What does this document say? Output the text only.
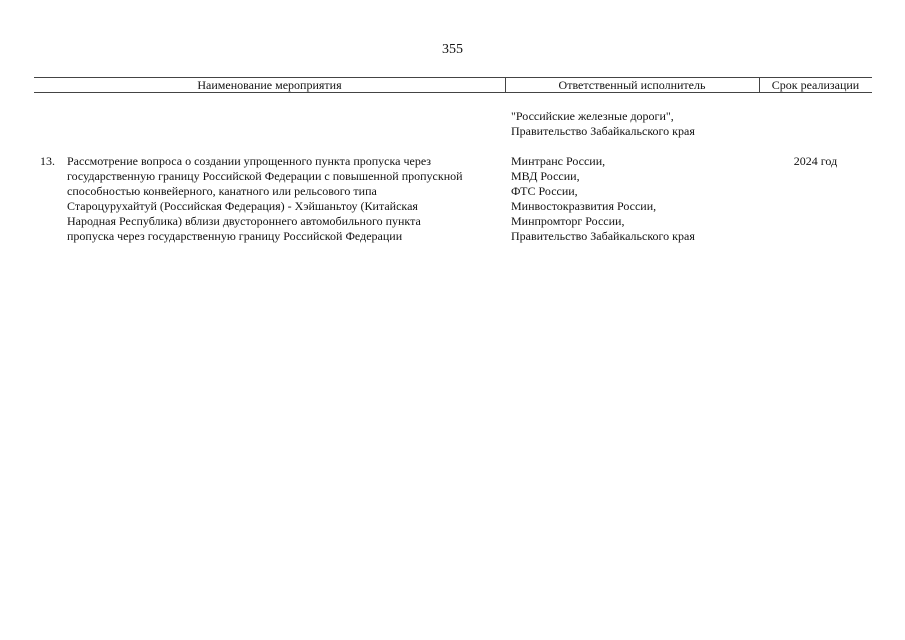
355
Наименование мероприятия	Ответственный исполнитель	Срок реализации
"Российские железные дороги",
Правительство Забайкальского края
13. Рассмотрение вопроса о создании упрощенного пункта пропуска через
государственную границу Российской Федерации с повышенной пропускной
способностью конвейерного, канатного или рельсового типа
Староцурухайтуй (Российская Федерация) - Хэйшаньтоу (Китайская
Народная Республика) вблизи двустороннего автомобильного пункта
пропуска через государственную границу Российской Федерации
Минтранс России,
МВД России,
ФТС России,
Минвостокразвития России,
Минпромторг России,
Правительство Забайкальского края
2024 год
